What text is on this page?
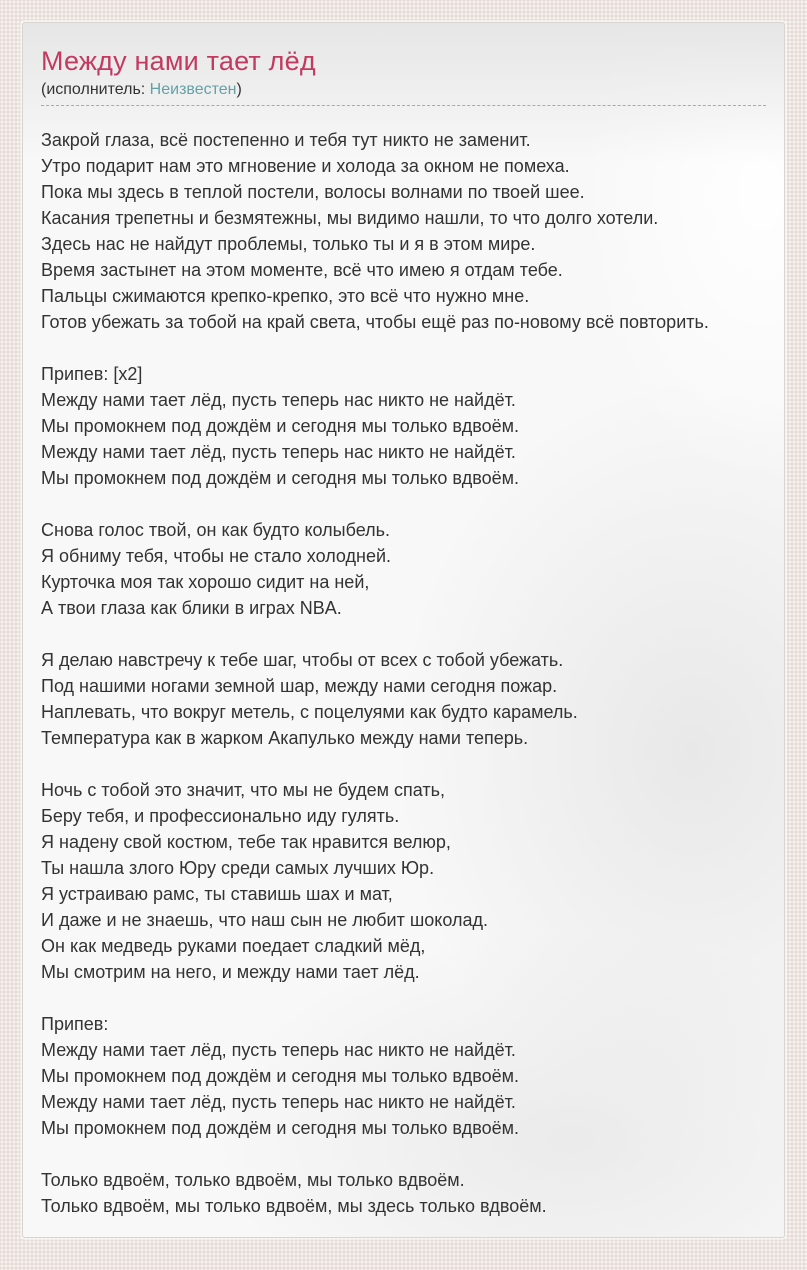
Между нами тает лёд
(исполнитель: Неизвестен)
Закрой глаза, всё постепенно и тебя тут никто не заменит.
Утро подарит нам это мгновение и холода за окном не помеха.
Пока мы здесь в теплой постели, волосы волнами по твоей шее.
Касания трепетны и безмятежны, мы видимо нашли, то что долго хотели.
Здесь нас не найдут проблемы, только ты и я в этом мире.
Время застынет на этом моменте, всё что имею я отдам тебе.
Пальцы сжимаются крепко-крепко, это всё что нужно мне.
Готов убежать за тобой на край света, чтобы ещё раз по-новому всё повторить.
Припев: [x2]
Между нами тает лёд, пусть теперь нас никто не найдёт.
Мы промокнем под дождём и сегодня мы только вдвоём.
Между нами тает лёд, пусть теперь нас никто не найдёт.
Мы промокнем под дождём и сегодня мы только вдвоём.
Снова голос твой, он как будто колыбель.
Я обниму тебя, чтобы не стало холодней.
Курточка моя так хорошо сидит на ней,
А твои глаза как блики в играх NBA.
Я делаю навстречу к тебе шаг, чтобы от всех с тобой убежать.
Под нашими ногами земной шар, между нами сегодня пожар.
Наплевать, что вокруг метель, с поцелуями как будто карамель.
Температура как в жарком Акапулько между нами теперь.
Ночь с тобой это значит, что мы не будем спать,
Беру тебя, и профессионально иду гулять.
Я надену свой костюм, тебе так нравится велюр,
Ты нашла злого Юру среди самых лучших Юр.
Я устраиваю рамс, ты ставишь шах и мат,
И даже и не знаешь, что наш сын не любит шоколад.
Он как медведь руками поедает сладкий мёд,
Мы смотрим на него, и между нами тает лёд.
Припев:
Между нами тает лёд, пусть теперь нас никто не найдёт.
Мы промокнем под дождём и сегодня мы только вдвоём.
Между нами тает лёд, пусть теперь нас никто не найдёт.
Мы промокнем под дождём и сегодня мы только вдвоём.
Только вдвоём, только вдвоём, мы только вдвоём.
Только вдвоём, мы только вдвоём, мы здесь только вдвоём.
